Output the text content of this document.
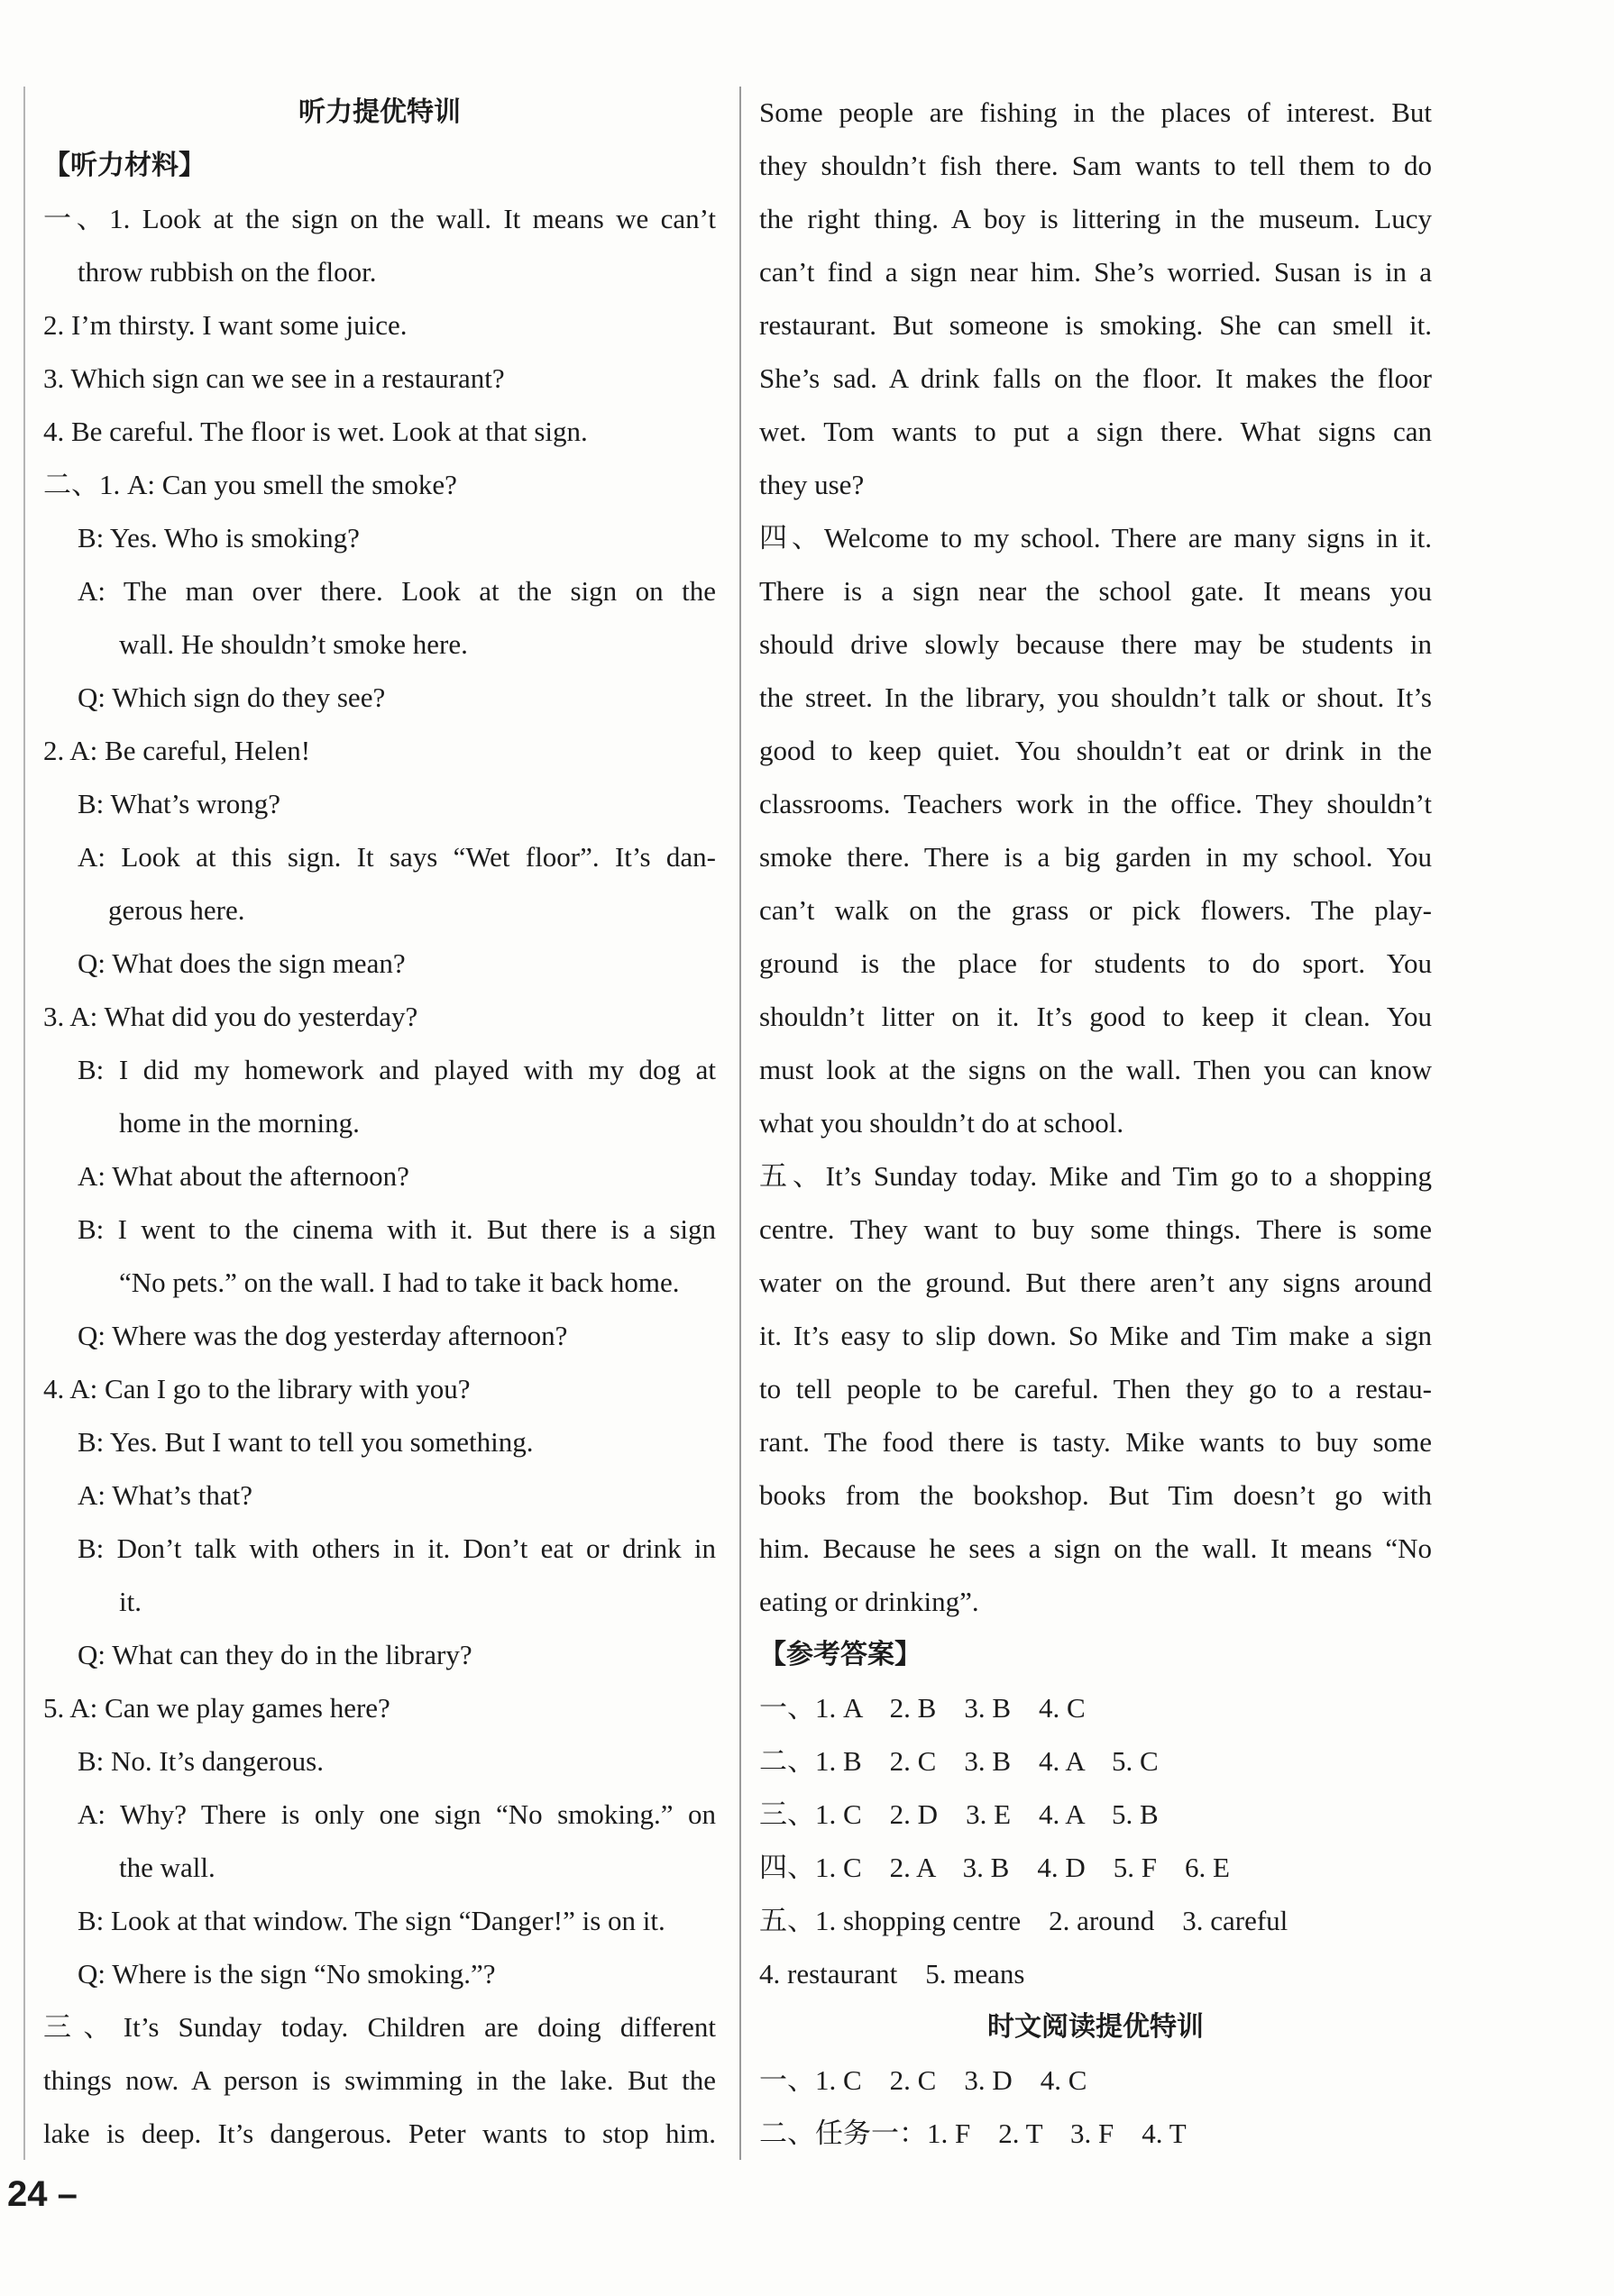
听力提优特训
【听力材料】
一、1. Look at the sign on the wall. It means we can’t
throw rubbish on the floor.
2. I’m thirsty. I want some juice.
3. Which sign can we see in a restaurant?
4. Be careful. The floor is wet. Look at that sign.
二、1. A: Can you smell the smoke?
B: Yes. Who is smoking?
A: The man over there. Look at the sign on the
wall. He shouldn’t smoke here.
Q: Which sign do they see?
2. A: Be careful, Helen!
B: What’s wrong?
A: Look at this sign. It says “Wet floor”. It’s dan-
gerous here.
Q: What does the sign mean?
3. A: What did you do yesterday?
B: I did my homework and played with my dog at
home in the morning.
A: What about the afternoon?
B: I went to the cinema with it. But there is a sign
“No pets.” on the wall. I had to take it back home.
Q: Where was the dog yesterday afternoon?
4. A: Can I go to the library with you?
B: Yes. But I want to tell you something.
A: What’s that?
B: Don’t talk with others in it. Don’t eat or drink in
it.
Q: What can they do in the library?
5. A: Can we play games here?
B: No. It’s dangerous.
A: Why? There is only one sign “No smoking.” on
the wall.
B: Look at that window. The sign “Danger!” is on it.
Q: Where is the sign “No smoking.”?
三、It’s Sunday today. Children are doing different
things now. A person is swimming in the lake. But the
lake is deep. It’s dangerous. Peter wants to stop him.
Some people are fishing in the places of interest. But
they shouldn’t fish there. Sam wants to tell them to do
the right thing. A boy is littering in the museum. Lucy
can’t find a sign near him. She’s worried. Susan is in a
restaurant. But someone is smoking. She can smell it.
She’s sad. A drink falls on the floor. It makes the floor
wet. Tom wants to put a sign there. What signs can
they use?
四、Welcome to my school. There are many signs in it.
There is a sign near the school gate. It means you
should drive slowly because there may be students in
the street. In the library, you shouldn’t talk or shout. It’s
good to keep quiet. You shouldn’t eat or drink in the
classrooms. Teachers work in the office. They shouldn’t
smoke there. There is a big garden in my school. You
can’t walk on the grass or pick flowers. The play-
ground is the place for students to do sport. You
shouldn’t litter on it. It’s good to keep it clean. You
must look at the signs on the wall. Then you can know
what you shouldn’t do at school.
五、It’s Sunday today. Mike and Tim go to a shopping
centre. They want to buy some things. There is some
water on the ground. But there aren’t any signs around
it. It’s easy to slip down. So Mike and Tim make a sign
to tell people to be careful. Then they go to a restau-
rant. The food there is tasty. Mike wants to buy some
books from the bookshop. But Tim doesn’t go with
him. Because he sees a sign on the wall. It means “No
eating or drinking”.
【参考答案】
一、1. A　2. B　3. B　4. C
二、1. B　2. C　3. B　4. A　5. C
三、1. C　2. D　3. E　4. A　5. B
四、1. C　2. A　3. B　4. D　5. F　6. E
五、1. shopping centre　2. around　3. careful
4. restaurant　5. means
时文阅读提优特训
一、1. C　2. C　3. D　4. C
二、任务一：1. F　2. T　3. F　4. T
24 –
